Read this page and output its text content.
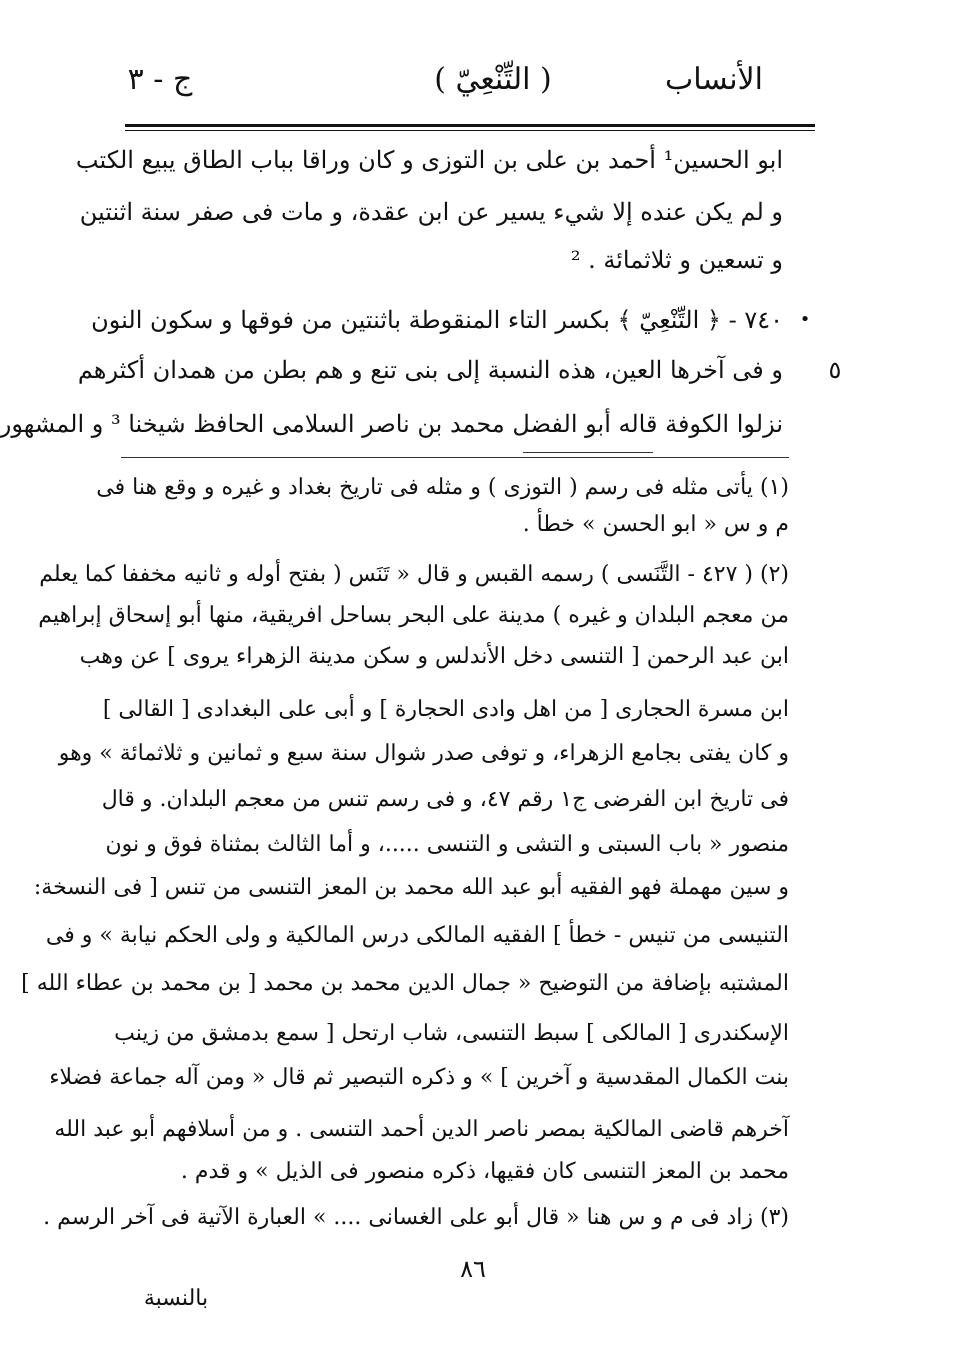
الأنساب
( التِّنْعِيّ )
ج - ٣
ابو الحسين¹ أحمد بن على بن التوزى و كان وراقا بباب الطاق يبيع الكتب
و لم يكن عنده إلا شيء يسير عن ابن عقدة، و مات فى صفر سنة اثنتين
و تسعين و ثلاثمائة . ²
٧٤٠ - ﴿ التِّنْعِيّ ﴾ بكسر التاء المنقوطة باثنتين من فوقها و سكون النون
و فى آخرها العين، هذه النسبة إلى بنى تنع و هم بطن من همدان أكثرهم
نزلوا الكوفة قاله أبو الفضل محمد بن ناصر السلامى الحافظ شيخنا ³ و المشهور
•
٥
(١) يأتى مثله فى رسم ( التوزى ) و مثله فى تاريخ بغداد و غيره و وقع هنا فى
م و س « ابو الحسن » خطأ .
(٢) ( ٤٢٧ - التَّنَسى ) رسمه القبس و قال « تَنَس ( بفتح أوله و ثانيه مخففا كما يعلم
من معجم البلدان و غيره ) مدينة على البحر بساحل افريقية، منها أبو إسحاق إبراهيم
ابن عبد الرحمن [ التنسى دخل الأندلس و سكن مدينة الزهراء يروى ] عن وهب
ابن مسرة الحجارى [ من اهل وادى الحجارة ] و أبى على البغدادى [ القالى ]
و كان يفتى بجامع الزهراء، و توفى صدر شوال سنة سبع و ثمانين و ثلاثمائة » وهو
فى تاريخ ابن الفرضى ج١ رقم ٤٧، و فى رسم تنس من معجم البلدان. و قال
منصور « باب السبتى و التشى و التنسى .....، و أما الثالث بمثناة فوق و نون
و سين مهملة فهو الفقيه أبو عبد الله محمد بن المعز التنسى من تنس [ فى النسخة:
التنيسى من تنيس - خطأ ] الفقيه المالكى درس المالكية و ولى الحكم نيابة » و فى
المشتبه بإضافة من التوضيح « جمال الدين محمد بن محمد [ بن محمد بن عطاء الله ]
الإسكندرى [ المالكى ] سبط التنسى، شاب ارتحل [ سمع بدمشق من زينب
بنت الكمال المقدسية و آخرين ] » و ذكره التبصير ثم قال « ومن آله جماعة فضلاء
آخرهم قاضى المالكية بمصر ناصر الدين أحمد التنسى . و من أسلافهم أبو عبد الله
محمد بن المعز التنسى كان فقيها، ذكره منصور فى الذيل » و قدم .
(٣) زاد فى م و س هنا « قال أبو على الغسانى .... » العبارة الآتية فى آخر الرسم .
٨٦
بالنسبة
